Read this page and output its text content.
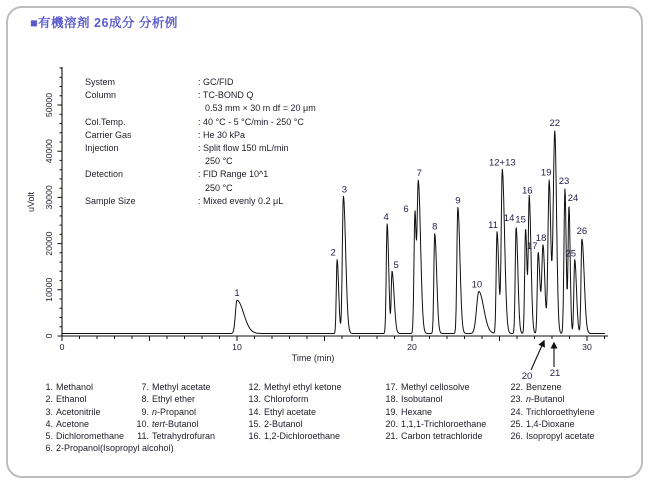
■有機溶剤 26成分 分析例
System	: GC/FID
Column	: TC-BOND Q
0.53 mm × 30 m df = 20 μm
Col.Temp.	: 40 °C - 5 °C/min - 250 °C
Carrier Gas	: He 30 kPa
Injection	: Split flow 150 mL/min
250 °C
Detection	: FID Range 10^1
250 °C
Sample Size	: Mixed evenly 0.2 μL
0	10	20	30
0
10000
20000
30000
40000
50000
Time (min)
uVolt
1
2
3
4
5
6
7
8
9
10
11
12+13
14 15
16
17
18
19
22
23
24
25
26
20 21
1. Methanol
2. Ethanol
3. Acetonitrile
4. Acetone
5. Dichloromethane
6. 2-Propanol(Isopropyl alcohol)
7. Methyl acetate
8. Ethyl ether
9. n-Propanol
10. tert-Butanol
11. Tetrahydrofuran
12. Methyl ethyl ketone
13. Chloroform
14. Ethyl acetate
15. 2-Butanol
16. 1,2-Dichloroethane
17. Methyl cellosolve
18. Isobutanol
19. Hexane
20. 1,1,1-Trichloroethane
21. Carbon tetrachloride
22. Benzene
23. n-Butanol
24. Trichloroethylene
25. 1,4-Dioxane
26. Isopropyl acetate
